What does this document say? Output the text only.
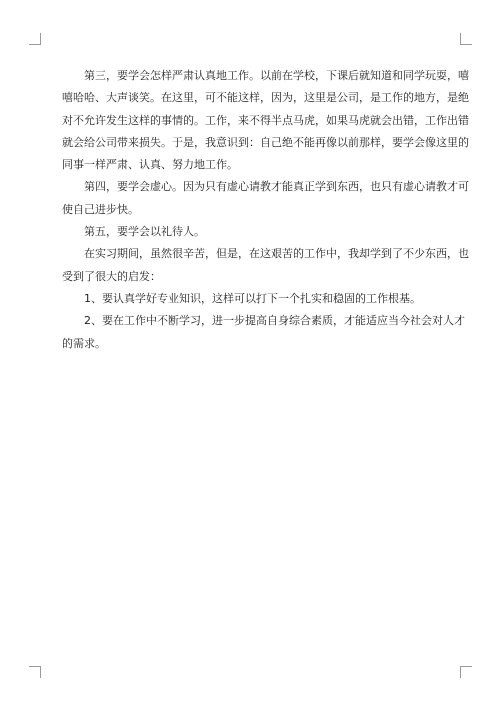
第三，要学会怎样严肃认真地工作。以前在学校，下课后就知道和同学玩耍，嘻
嘻哈哈、大声谈笑。在这里，可不能这样，因为，这里是公司，是工作的地方，是绝
对不允许发生这样的事情的。工作，来不得半点马虎，如果马虎就会出错，工作出错
就会给公司带来损失。于是，我意识到：自己绝不能再像以前那样，要学会像这里的
同事一样严肃、认真、努力地工作。

第四，要学会虚心。因为只有虚心请教才能真正学到东西，也只有虚心请教才可
使自己进步快。

第五，要学会以礼待人。

在实习期间，虽然很辛苦，但是，在这艰苦的工作中，我却学到了不少东西，也
受到了很大的启发：

1、要认真学好专业知识，这样可以打下一个扎实和稳固的工作根基。

2、要在工作中不断学习，进一步提高自身综合素质，才能适应当今社会对人才
的需求。
